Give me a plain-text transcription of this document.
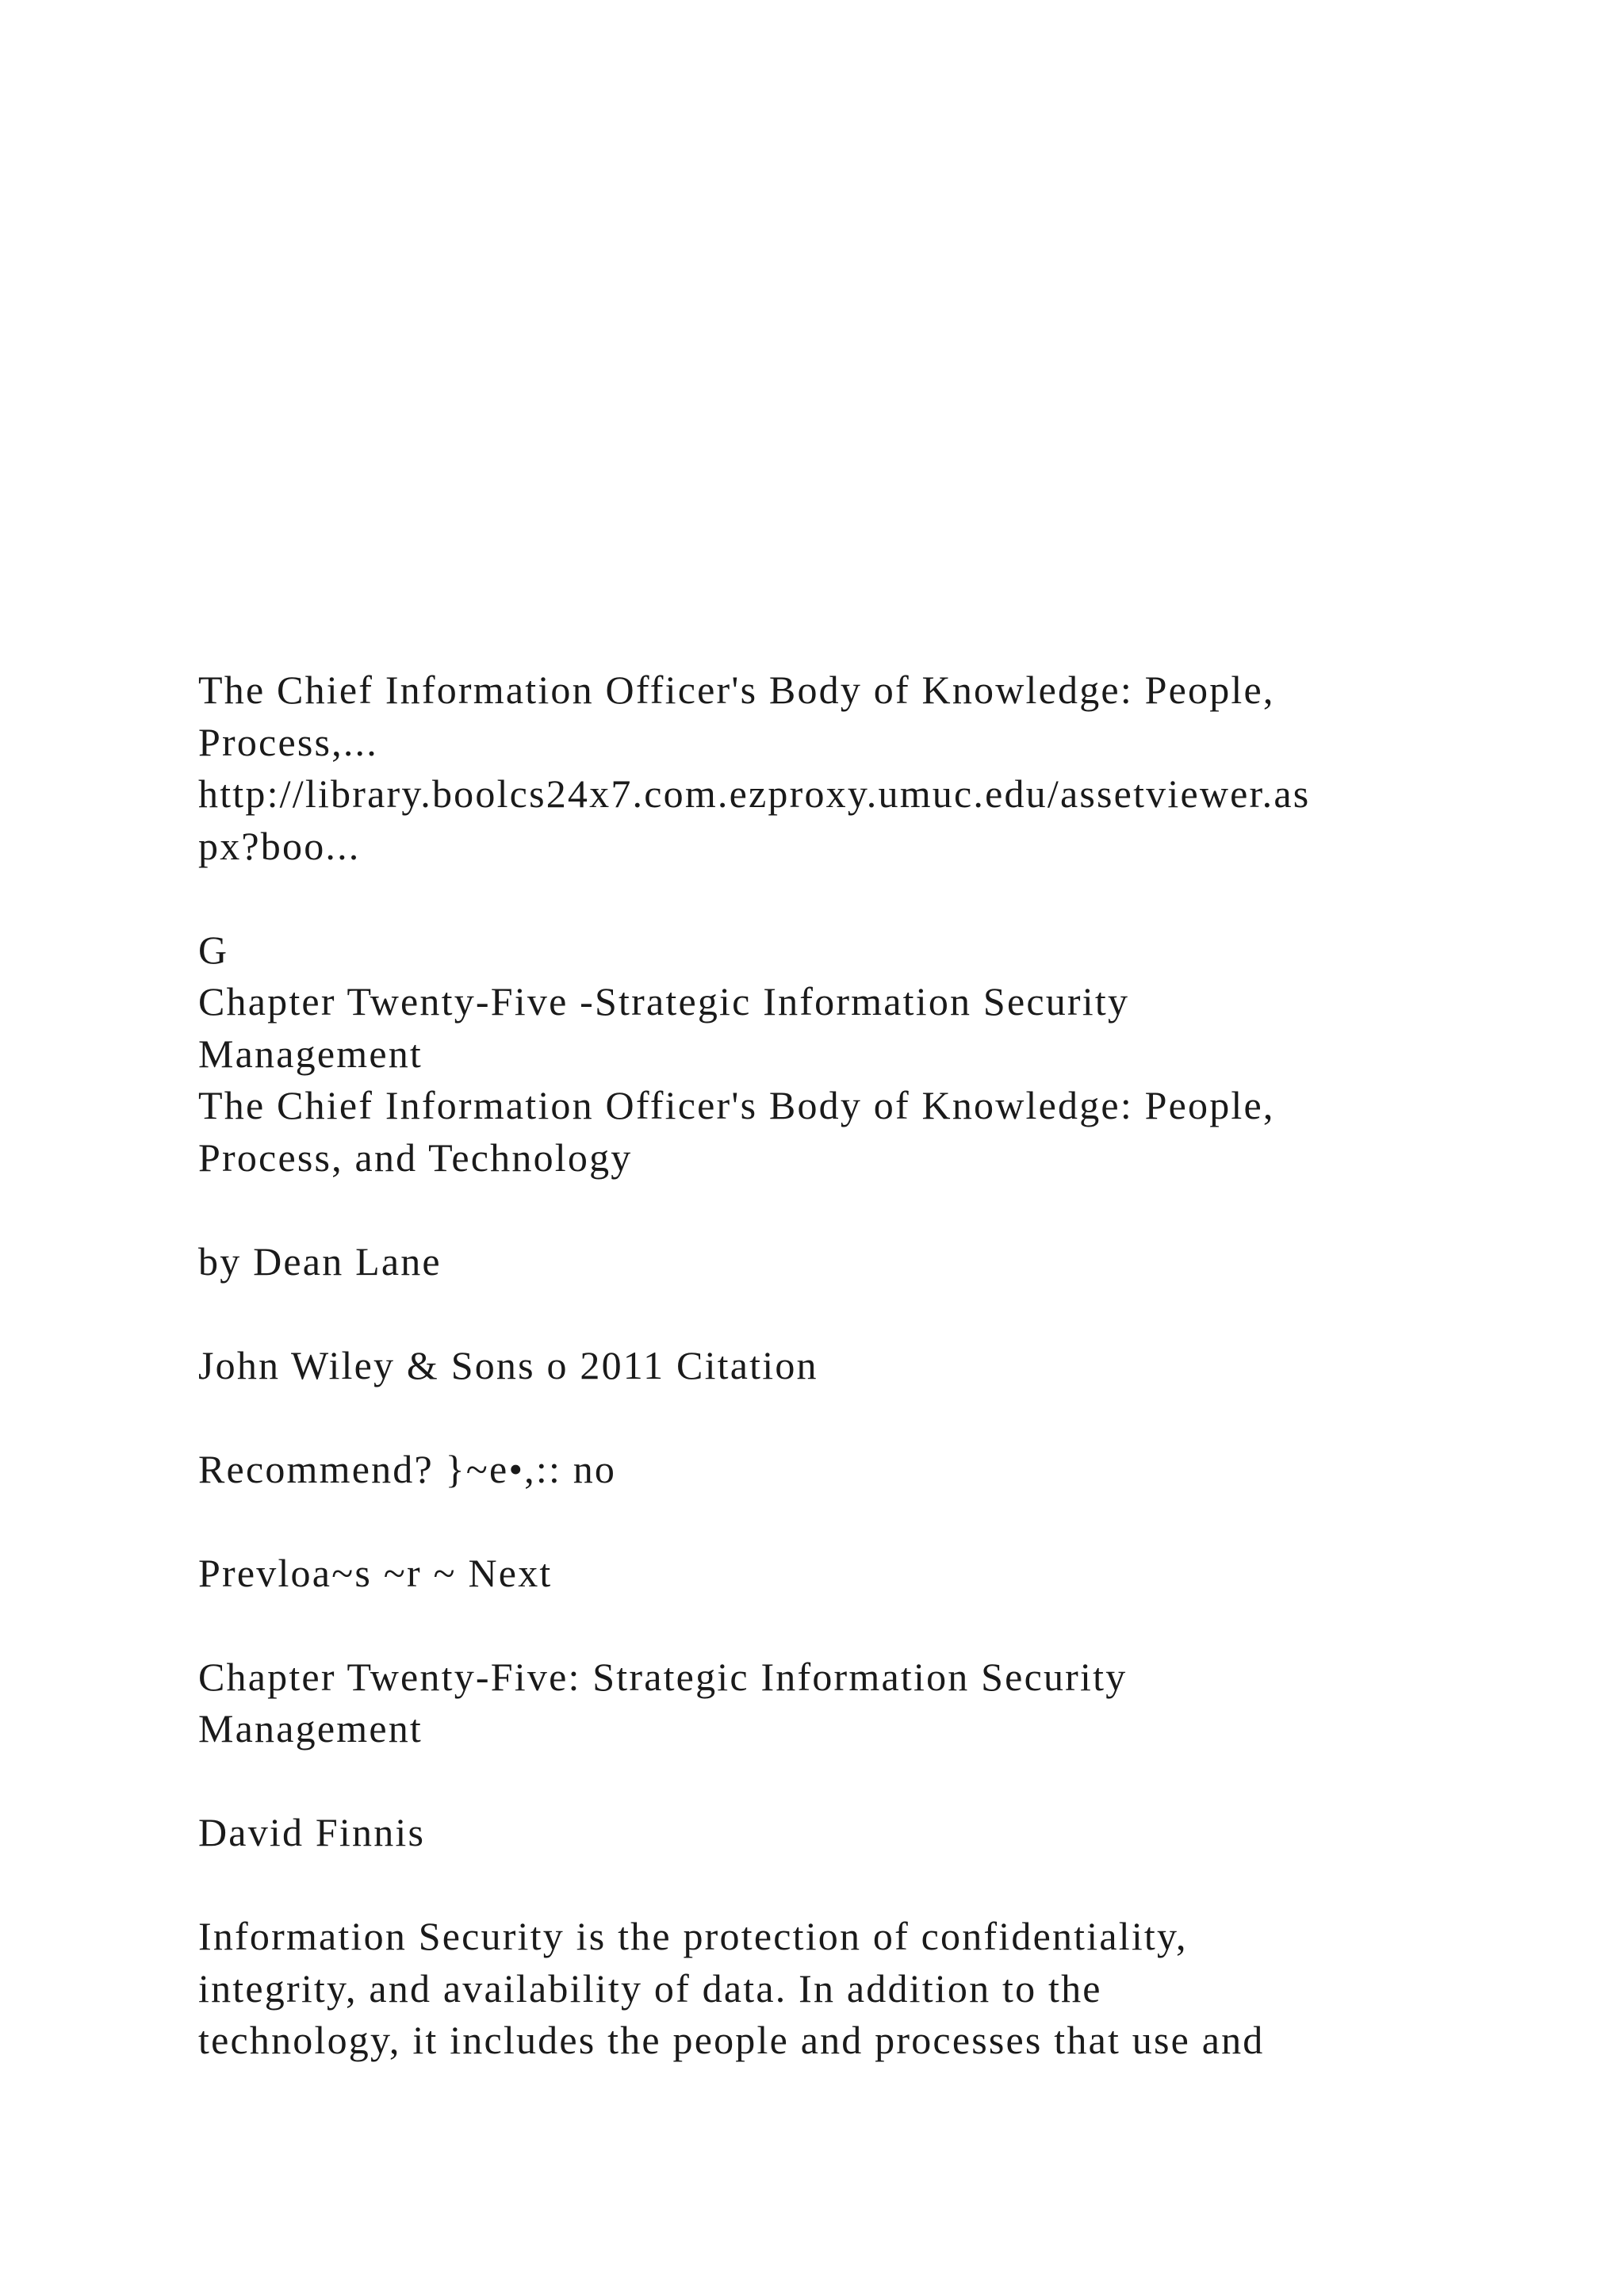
The Chief Information Officer's Body of Knowledge: People,
Process,...
http://library.boolcs24x7.com.ezproxy.umuc.edu/assetviewer.as
px?boo...
G
Chapter Twenty-Five -Strategic Information Security
Management
The Chief Information Officer's Body of Knowledge: People,
Process, and Technology
by Dean Lane
John Wiley & Sons o 2011 Citation
Recommend? }~e•,:: no
Prevloa~s ~r ~ Next
Chapter Twenty-Five: Strategic Information Security
Management
David Finnis
Information Security is the protection of confidentiality,
integrity, and availability of data. In addition to the
technology, it includes the people and processes that use and
